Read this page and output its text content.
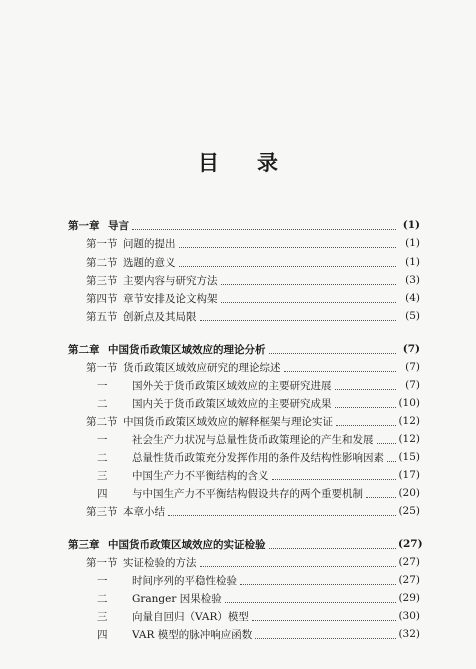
目 录
第一章 导言	(1)
第一节 问题的提出	(1)
第二节 选题的意义	(1)
第三节 主要内容与研究方法	(3)
第四节 章节安排及论文构架	(4)
第五节 创新点及其局限	(5)
第二章 中国货币政策区域效应的理论分析	(7)
第一节 货币政策区域效应研究的理论综述	(7)
一 国外关于货币政策区域效应的主要研究进展	(7)
二 国内关于货币政策区域效应的主要研究成果	(10)
第二节 中国货币政策区域效应的解释框架与理论实证	(12)
一 社会生产力状况与总量性货币政策理论的产生和发展 (12)
二 总量性货币政策充分发挥作用的条件及结构性影响因素 (15)
三 中国生产力不平衡结构的含义	(17)
四 与中国生产力不平衡结构假设共存的两个重要机制	(20)
第三节 本章小结	(25)
第三章 中国货币政策区域效应的实证检验	(27)
第一节 实证检验的方法	(27)
一 时间序列的平稳性检验	(27)
二 Granger 因果检验	(29)
三 向量自回归（VAR）模型	(30)
四 VAR 模型的脉冲响应函数	(32)
